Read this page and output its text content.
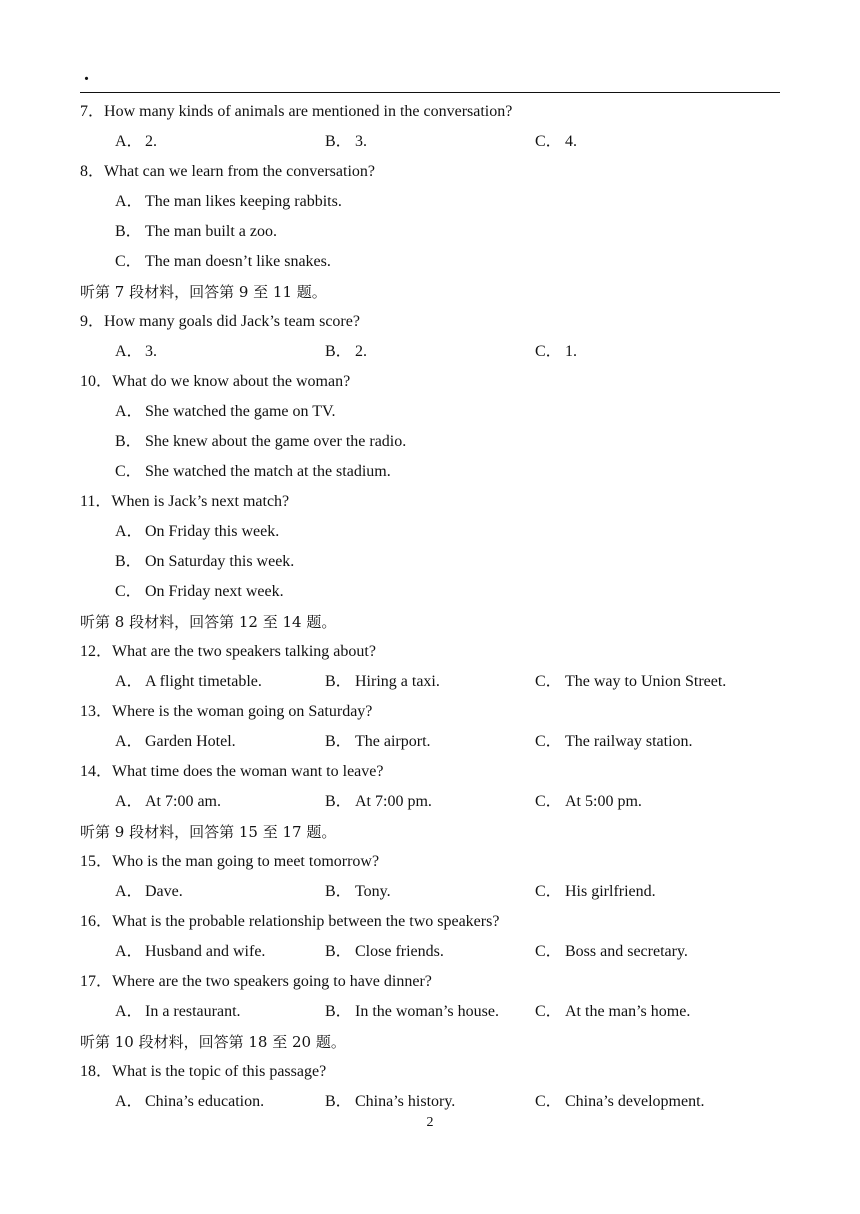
.
7．How many kinds of animals are mentioned in the conversation?
A． 2.	B． 3.	C． 4.
8．What can we learn from the conversation?
A． The man likes keeping rabbits.
B． The man built a zoo.
C． The man doesn’t like snakes.
听第 7 段材料，回答第 9 至 11 题。
9．How many goals did Jack’s team score?
A． 3.	B． 2.	C． 1.
10．What do we know about the woman?
A． She watched the game on TV.
B． She knew about the game over the radio.
C． She watched the match at the stadium.
11．When is Jack’s next match?
A． On Friday this week.
B． On Saturday this week.
C． On Friday next week.
听第 8 段材料，回答第 12 至 14 题。
12．What are the two speakers talking about?
A． A flight timetable.	B． Hiring a taxi.	C． The way to Union Street.
13．Where is the woman going on Saturday?
A． Garden Hotel.	B． The airport.	C． The railway station.
14．What time does the woman want to leave?
A． At 7:00 am.	B． At 7:00 pm.	C． At 5:00 pm.
听第 9 段材料，回答第 15 至 17 题。
15．Who is the man going to meet tomorrow?
A． Dave.	B． Tony.	C． His girlfriend.
16．What is the probable relationship between the two speakers?
A． Husband and wife.	B． Close friends.	C． Boss and secretary.
17．Where are the two speakers going to have dinner?
A． In a restaurant.	B． In the woman’s house. C． At the man’s home.
听第 10 段材料，回答第 18 至 20 题。
18．What is the topic of this passage?
A． China’s education.	B． China’s history.	C． China’s development.
2
